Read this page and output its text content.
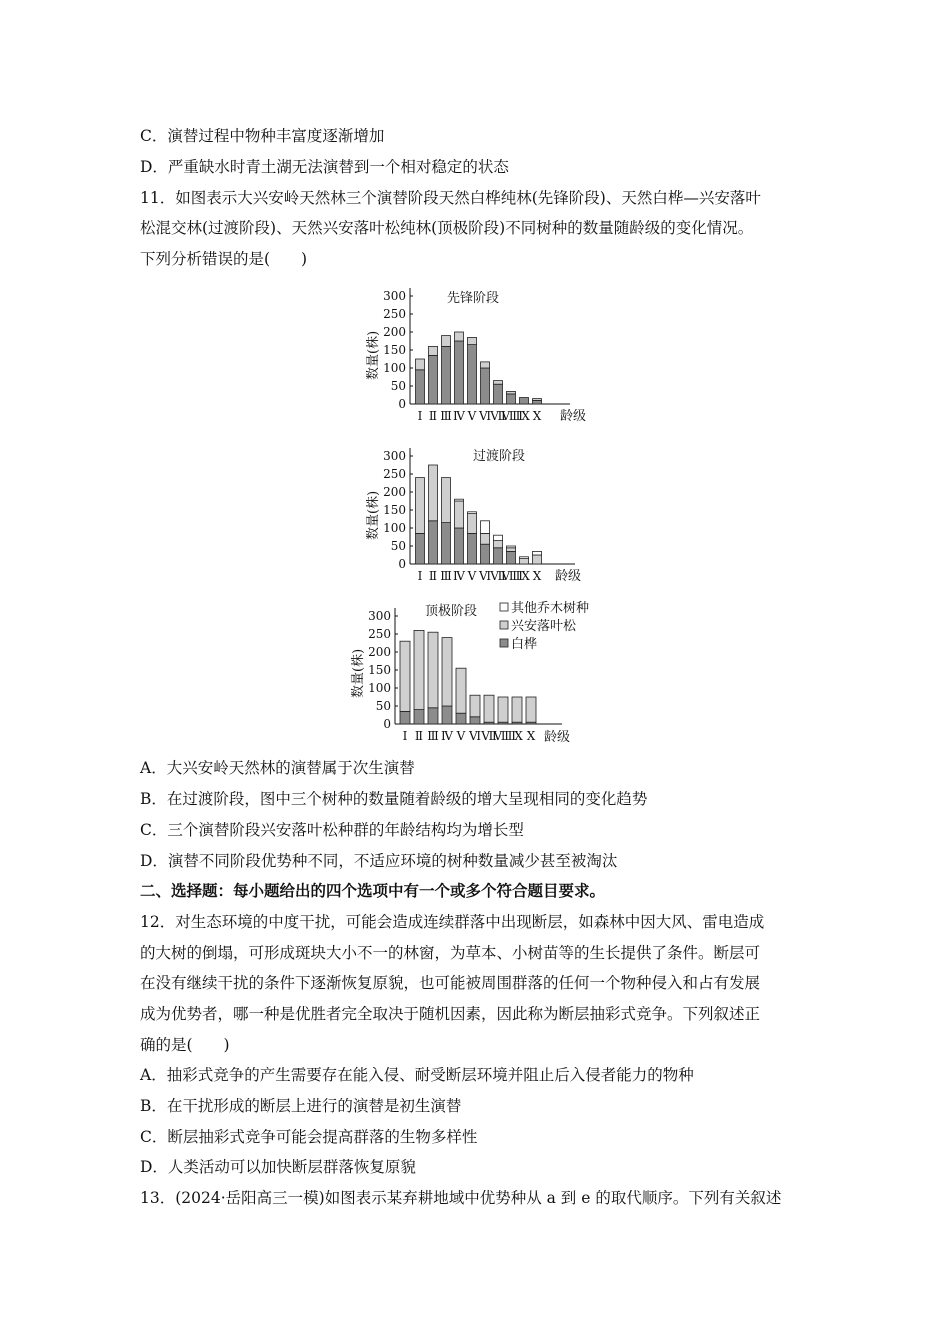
C．演替过程中物种丰富度逐渐增加
D．严重缺水时青土湖无法演替到一个相对稳定的状态
11．如图表示大兴安岭天然林三个演替阶段天然白桦纯林(先锋阶段)、天然白桦—兴安落叶
松混交林(过渡阶段)、天然兴安落叶松纯林(顶极阶段)不同树种的数量随龄级的变化情况。
下列分析错误的是(　　)
先锋阶段
数量(株)
0
50
100
150
200
250
300
Ⅰ Ⅱ Ⅲ Ⅳ Ⅴ Ⅵ Ⅶ
Ⅷ
Ⅸ Ⅹ 龄级
过渡阶段
数量(株)
0
50
100
150
200
250
300
Ⅰ Ⅱ Ⅲ Ⅳ Ⅴ Ⅵ Ⅶ
Ⅷ
Ⅸ Ⅹ 龄级
顶极阶段
数量(株)
0
50
100
150
200
250
300
Ⅰ Ⅱ Ⅲ Ⅳ Ⅴ Ⅵ Ⅶ
Ⅷ
Ⅸ Ⅹ
其他乔木树种
兴安落叶松
白桦
龄级
A．大兴安岭天然林的演替属于次生演替
B．在过渡阶段，图中三个树种的数量随着龄级的增大呈现相同的变化趋势
C．三个演替阶段兴安落叶松种群的年龄结构均为增长型
D．演替不同阶段优势种不同，不适应环境的树种数量减少甚至被淘汰
二、选择题：每小题给出的四个选项中有一个或多个符合题目要求。
12．对生态环境的中度干扰，可能会造成连续群落中出现断层，如森林中因大风、雷电造成
的大树的倒塌，可形成斑块大小不一的林窗，为草本、小树苗等的生长提供了条件。断层可
在没有继续干扰的条件下逐渐恢复原貌，也可能被周围群落的任何一个物种侵入和占有发展
成为优势者，哪一种是优胜者完全取决于随机因素，因此称为断层抽彩式竞争。下列叙述正
确的是(　　)
A．抽彩式竞争的产生需要存在能入侵、耐受断层环境并阻止后入侵者能力的物种
B．在干扰形成的断层上进行的演替是初生演替
C．断层抽彩式竞争可能会提高群落的生物多样性
D．人类活动可以加快断层群落恢复原貌
13．(2024·岳阳高三一模)如图表示某弃耕地域中优势种从 a 到 e 的取代顺序。下列有关叙述
